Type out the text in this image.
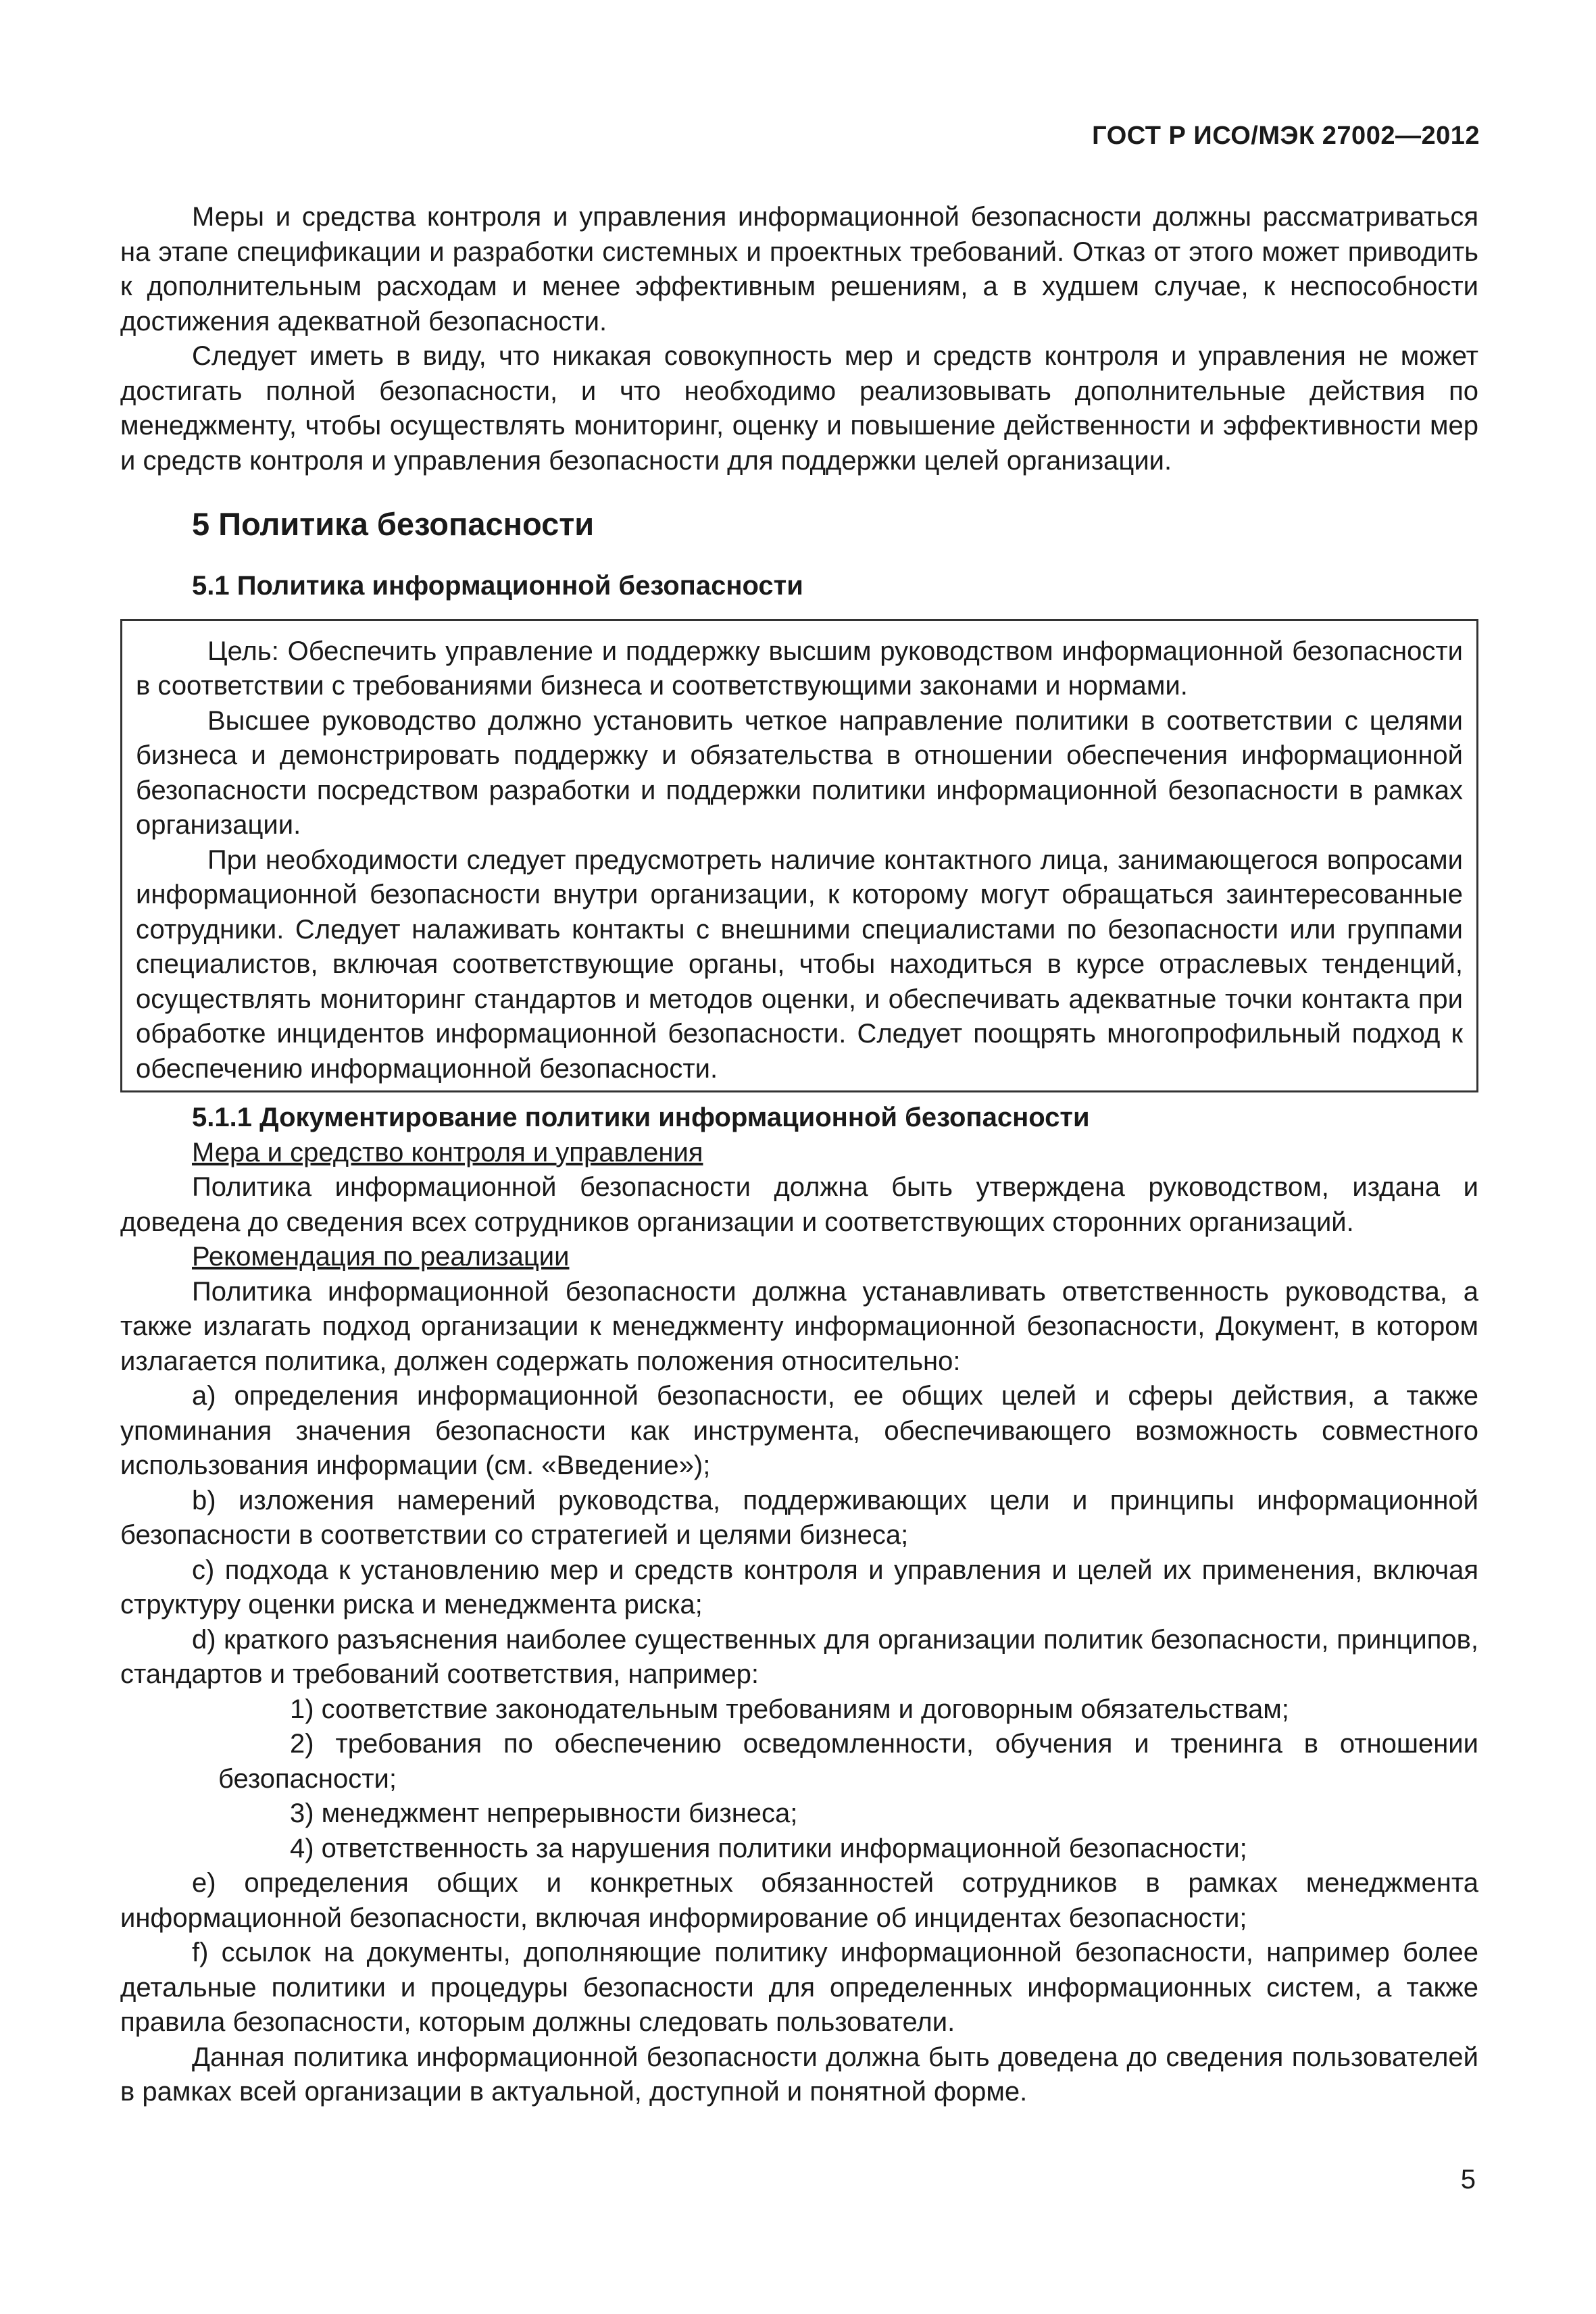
ГОСТ Р ИСО/МЭК 27002—2012

Меры и средства контроля и управления информационной безопасности должны рассматриваться на этапе спецификации и разработки системных и проектных требований. Отказ от этого может приводить к дополнительным расходам и менее эффективным решениям, а в худшем случае, к неспособности достижения адекватной безопасности.

Следует иметь в виду, что никакая совокупность мер и средств контроля и управления не может достигать полной безопасности, и что необходимо реализовывать дополнительные действия по менеджменту, чтобы осуществлять мониторинг, оценку и повышение действенности и эффективности мер и средств контроля и управления безопасности для поддержки целей организации.

5 Политика безопасности
5.1 Политика информационной безопасности

Цель: Обеспечить управление и поддержку высшим руководством информационной безопасности в соответствии с требованиями бизнеса и соответствующими законами и нормами.

Высшее руководство должно установить четкое направление политики в соответствии с целями бизнеса и демонстрировать поддержку и обязательства в отношении обеспечения информационной безопасности посредством разработки и поддержки политики информационной безопасности в рамках организации.

При необходимости следует предусмотреть наличие контактного лица, занимающегося вопросами информационной безопасности внутри организации, к которому могут обращаться заинтересованные сотрудники. Следует налаживать контакты с внешними специалистами по безопасности или группами специалистов, включая соответствующие органы, чтобы находиться в курсе отраслевых тенденций, осуществлять мониторинг стандартов и методов оценки, и обеспечивать адекватные точки контакта при обработке инцидентов информационной безопасности. Следует поощрять многопрофильный подход к обеспечению информационной безопасности.

5.1.1 Документирование политики информационной безопасности
Мера и средство контроля и управления

Политика информационной безопасности должна быть утверждена руководством, издана и доведена до сведения всех сотрудников организации и соответствующих сторонних организаций.

Рекомендация по реализации

Политика информационной безопасности должна устанавливать ответственность руководства, а также излагать подход организации к менеджменту информационной безопасности, Документ, в котором излагается политика, должен содержать положения относительно:

а) определения информационной безопасности, ее общих целей и сферы действия, а также упоминания значения безопасности как инструмента, обеспечивающего возможность совместного использования информации (см. «Введение»);

b) изложения намерений руководства, поддерживающих цели и принципы информационной безопасности в соответствии со стратегией и целями бизнеса;

c) подхода к установлению мер и средств контроля и управления и целей их применения, включая структуру оценки риска и менеджмента риска;

d) краткого разъяснения наиболее существенных для организации политик безопасности, принципов, стандартов и требований соответствия, например:

1) соответствие законодательным требованиям и договорным обязательствам;

2) требования по обеспечению осведомленности, обучения и тренинга в отношении безопасности;

3) менеджмент непрерывности бизнеса;

4) ответственность за нарушения политики информационной безопасности;

e) определения общих и конкретных обязанностей сотрудников в рамках менеджмента информационной безопасности, включая информирование об инцидентах безопасности;

f) ссылок на документы, дополняющие политику информационной безопасности, например более детальные политики и процедуры безопасности для определенных информационных систем, а также правила безопасности, которым должны следовать пользователи.

Данная политика информационной безопасности должна быть доведена до сведения пользователей в рамках всей организации в актуальной, доступной и понятной форме.

5
